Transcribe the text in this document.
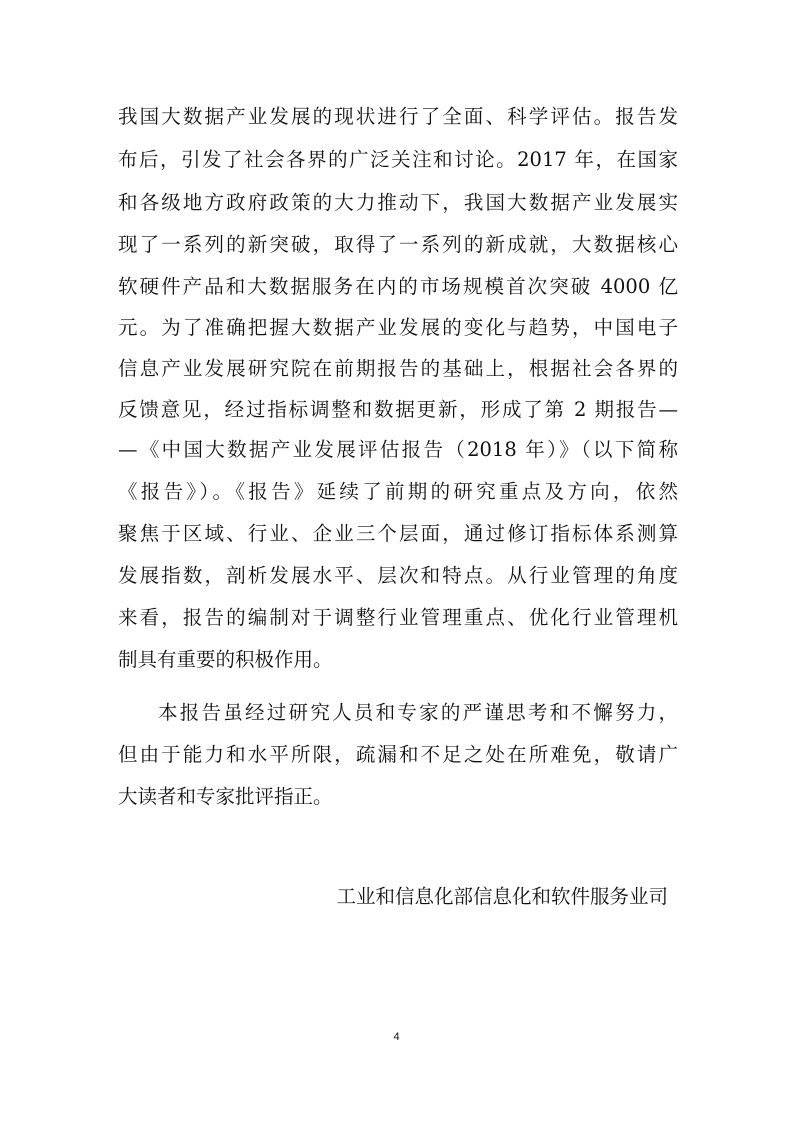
我国大数据产业发展的现状进行了全面、科学评估。报告发
布后，引发了社会各界的广泛关注和讨论。2017 年，在国家
和各级地方政府政策的大力推动下，我国大数据产业发展实
现了一系列的新突破，取得了一系列的新成就，大数据核心
软硬件产品和大数据服务在内的市场规模首次突破 4000 亿
元。为了准确把握大数据产业发展的变化与趋势，中国电子
信息产业发展研究院在前期报告的基础上，根据社会各界的
反馈意见，经过指标调整和数据更新，形成了第 2 期报告—
—《中国大数据产业发展评估报告（2018 年）》（以下简称
《报告》）。《报告》延续了前期的研究重点及方向，依然
聚焦于区域、行业、企业三个层面，通过修订指标体系测算
发展指数，剖析发展水平、层次和特点。从行业管理的角度
来看，报告的编制对于调整行业管理重点、优化行业管理机
制具有重要的积极作用。
本报告虽经过研究人员和专家的严谨思考和不懈努力，
但由于能力和水平所限，疏漏和不足之处在所难免，敬请广
大读者和专家批评指正。
工业和信息化部信息化和软件服务业司
4
